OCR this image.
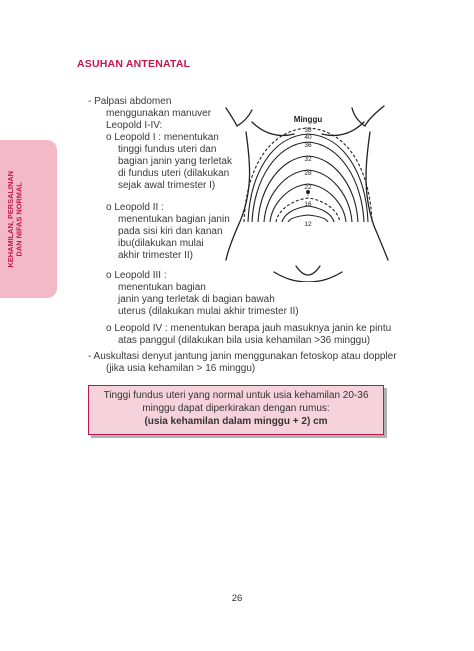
ASUHAN ANTENATAL
KEHAMILAN, PERSALINAN DAN NIFAS NORMAL
- Palpasi abdomen
menggunakan manuver
Leopold I-IV:
o Leopold I : menentukan
tinggi fundus uteri dan
bagian janin yang terletak
di fundus uteri (dilakukan
sejak awal trimester I)
o Leopold II :
menentukan bagian janin
pada sisi kiri dan kanan
ibu(dilakukan mulai
akhir trimester II)
o Leopold III :
menentukan bagian
janin yang terletak di bagian bawah
uterus (dilakukan mulai akhir trimester II)
o Leopold IV : menentukan berapa jauh masuknya janin ke pintu
atas panggul (dilakukan bila usia kehamilan >36 minggu)
- Auskultasi denyut jantung janin menggunakan fetoskop atau doppler
(jika usia kehamilan > 16 minggu)
Minggu
38
40
36
32
28
22
f
16
12
Tinggi fundus uteri yang normal untuk usia kehamilan 20-36
minggu dapat diperkirakan dengan rumus:
(usia kehamilan dalam minggu + 2) cm
26
